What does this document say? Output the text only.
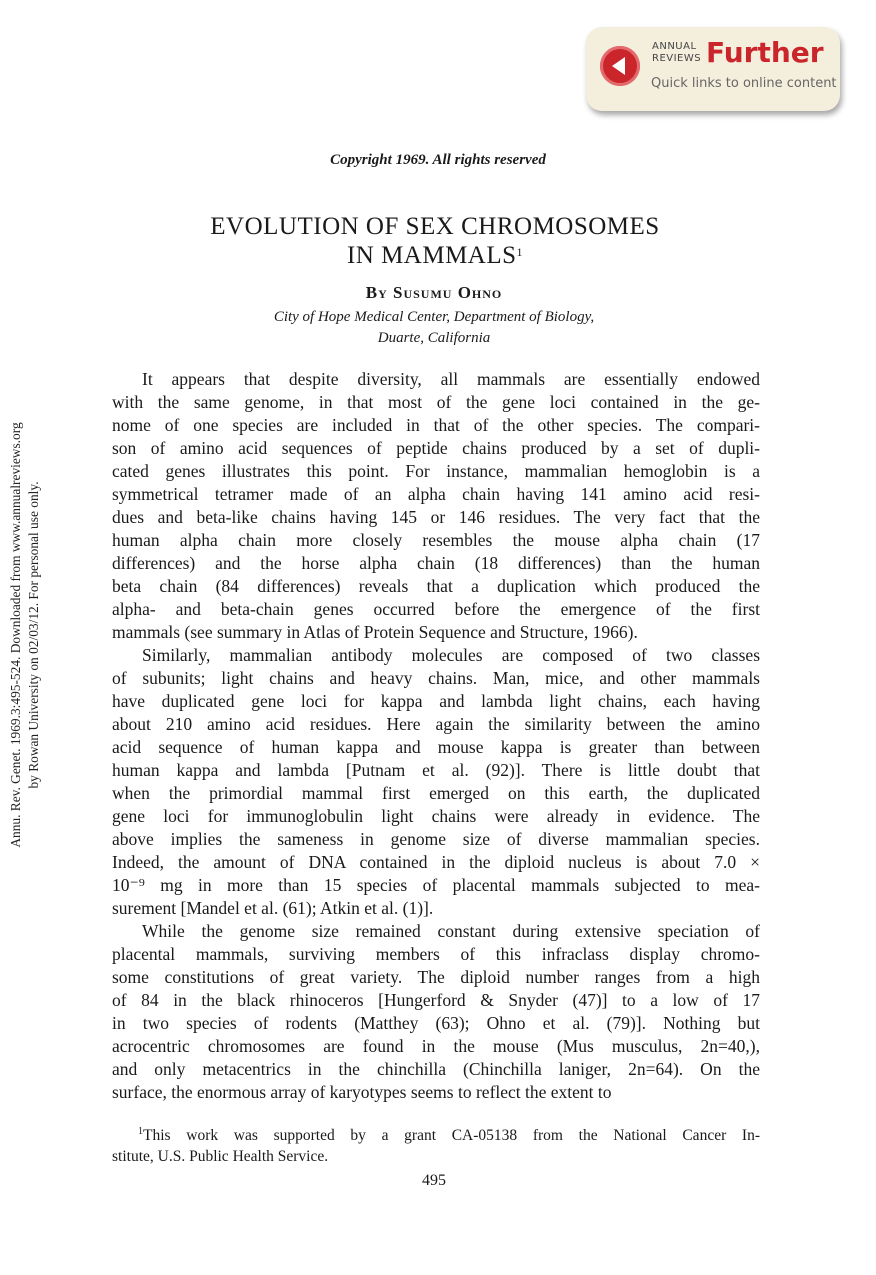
Annu. Rev. Genet. 1969.3:495-524. Downloaded from www.annualreviews.org by Rowan University on 02/03/12. For personal use only.
ANNUAL
REVIEWS Further
Quick links to online content
Copyright 1969. All rights reserved
EVOLUTION OF SEX CHROMOSOMES
IN MAMMALS$^1$
By Susumu Ohno
City of Hope Medical Center, Department of Biology,
Duarte, California

It appears that despite diversity, all mammals are essentially endowed
with the same genome, in that most of the gene loci contained in the ge-
nome of one species are included in that of the other species. The compari-
son of amino acid sequences of peptide chains produced by a set of dupli-
cated genes illustrates this point. For instance, mammalian hemoglobin is a
symmetrical tetramer made of an alpha chain having 141 amino acid resi-
dues and beta-like chains having 145 or 146 residues. The very fact that the
human alpha chain more closely resembles the mouse alpha chain (17
differences) and the horse alpha chain (18 differences) than the human
beta chain (84 differences) reveals that a duplication which produced the
alpha- and beta-chain genes occurred before the emergence of the first
mammals (see summary in Atlas of Protein Sequence and Structure, 1966).

Similarly, mammalian antibody molecules are composed of two classes
of subunits; light chains and heavy chains. Man, mice, and other mammals
have duplicated gene loci for kappa and lambda light chains, each having
about 210 amino acid residues. Here again the similarity between the amino
acid sequence of human kappa and mouse kappa is greater than between
human kappa and lambda [Putnam et al. (92)]. There is little doubt that
when the primordial mammal first emerged on this earth, the duplicated
gene loci for immunoglobulin light chains were already in evidence. The
above implies the sameness in genome size of diverse mammalian species.
Indeed, the amount of DNA contained in the diploid nucleus is about 7.0 ×
10⁻⁹ mg in more than 15 species of placental mammals subjected to mea-
surement [Mandel et al. (61); Atkin et al. (1)].

While the genome size remained constant during extensive speciation of
placental mammals, surviving members of this infraclass display chromo-
some constitutions of great variety. The diploid number ranges from a high
of 84 in the black rhinoceros [Hungerford & Snyder (47)] to a low of 17
in two species of rodents (Matthey (63); Ohno et al. (79)]. Nothing but
acrocentric chromosomes are found in the mouse (Mus musculus, 2n=40,),
and only metacentrics in the chinchilla (Chinchilla laniger, 2n=64). On the
surface, the enormous array of karyotypes seems to reflect the extent to

$^1$This work was supported by a grant CA-05138 from the National Cancer In-
stitute, U.S. Public Health Service.
495
